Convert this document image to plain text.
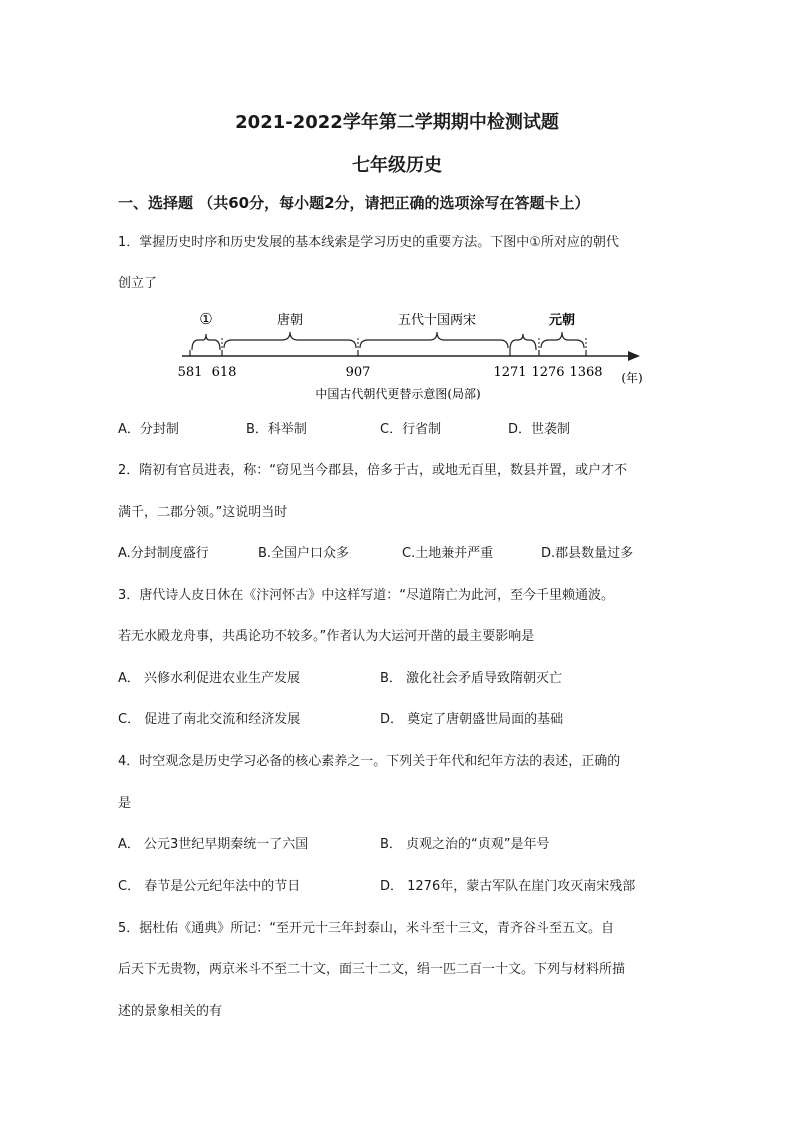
2021-2022学年第二学期期中检测试题
七年级历史
一、选择题 （共60分，每小题2分，请把正确的选项涂写在答题卡上）
1．掌握历史时序和历史发展的基本线索是学习历史的重要方法。下图中①所对应的朝代
创立了
①	唐朝	五代十国两宋	元朝
581 618	907	1271 1276 1368 (年)
中国古代朝代更替示意图(局部)
A．分封制	B．科举制	C．行省制	D．世袭制
2．隋初有官员进表，称：“窃见当今郡县，倍多于古，或地无百里，数县并置，或户才不
满千，二郡分领。”这说明当时
A.分封制度盛行	B.全国户口众多	C.土地兼并严重	D.郡县数量过多
3．唐代诗人皮日休在《汴河怀古》中这样写道：“尽道隋亡为此河，至今千里赖通波。
若无水殿龙舟事，共禹论功不较多。”作者认为大运河开凿的最主要影响是
A． 兴修水利促进农业生产发展	B． 激化社会矛盾导致隋朝灭亡
C． 促进了南北交流和经济发展	D． 奠定了唐朝盛世局面的基础
4．时空观念是历史学习必备的核心素养之一。下列关于年代和纪年方法的表述，正确的
是
A． 公元3世纪早期秦统一了六国	B． 贞观之治的“贞观”是年号
C． 春节是公元纪年法中的节日	D． 1276年，蒙古军队在崖门攻灭南宋残部
5．据杜佑《通典》所记：“至开元十三年封泰山，米斗至十三文，青齐谷斗至五文。自
后天下无贵物，两京米斗不至二十文，面三十二文，绢一匹二百一十文。下列与材料所描
述的景象相关的有
